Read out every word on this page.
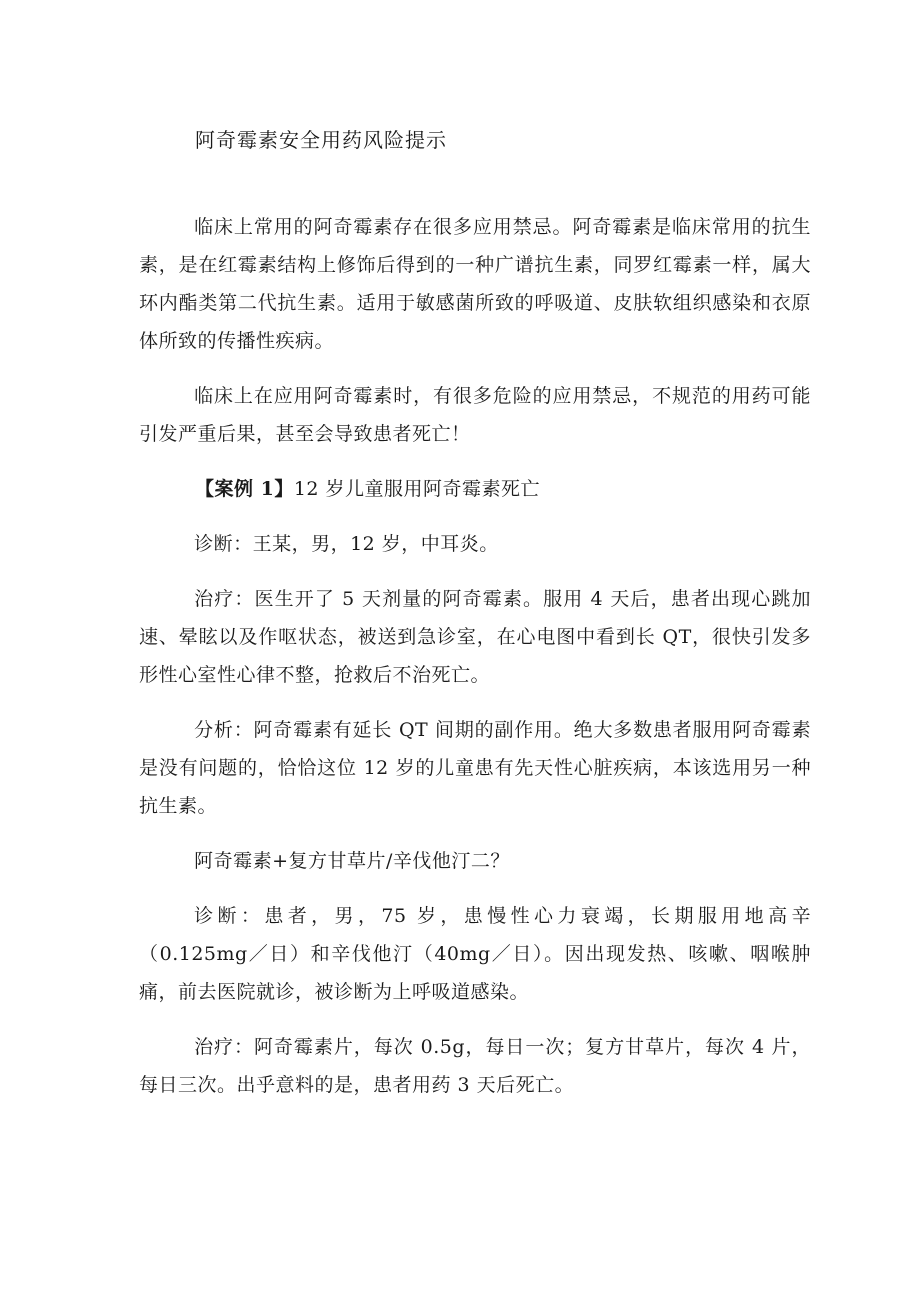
阿奇霉素安全用药风险提示

临床上常用的阿奇霉素存在很多应用禁忌。阿奇霉素是临床常用的抗生素，是在红霉素结构上修饰后得到的一种广谱抗生素，同罗红霉素一样，属大环内酯类第二代抗生素。适用于敏感菌所致的呼吸道、皮肤软组织感染和衣原体所致的传播性疾病。

临床上在应用阿奇霉素时，有很多危险的应用禁忌，不规范的用药可能引发严重后果，甚至会导致患者死亡！

【案例 1】12 岁儿童服用阿奇霉素死亡

诊断：王某，男，12 岁，中耳炎。

治疗：医生开了 5 天剂量的阿奇霉素。服用 4 天后，患者出现心跳加速、晕眩以及作呕状态，被送到急诊室，在心电图中看到长 QT，很快引发多形性心室性心律不整，抢救后不治死亡。

分析：阿奇霉素有延长 QT 间期的副作用。绝大多数患者服用阿奇霉素是没有问题的，恰恰这位 12 岁的儿童患有先天性心脏疾病，本该选用另一种抗生素。

阿奇霉素+复方甘草片/辛伐他汀二？

诊断：患者，男，75 岁，患慢性心力衰竭，长期服用地高辛（0.125mg／日）和辛伐他汀（40mg／日）。因出现发热、咳嗽、咽喉肿痛，前去医院就诊，被诊断为上呼吸道感染。

治疗：阿奇霉素片，每次 0.5g，每日一次；复方甘草片，每次 4 片，每日三次。出乎意料的是，患者用药 3 天后死亡。
